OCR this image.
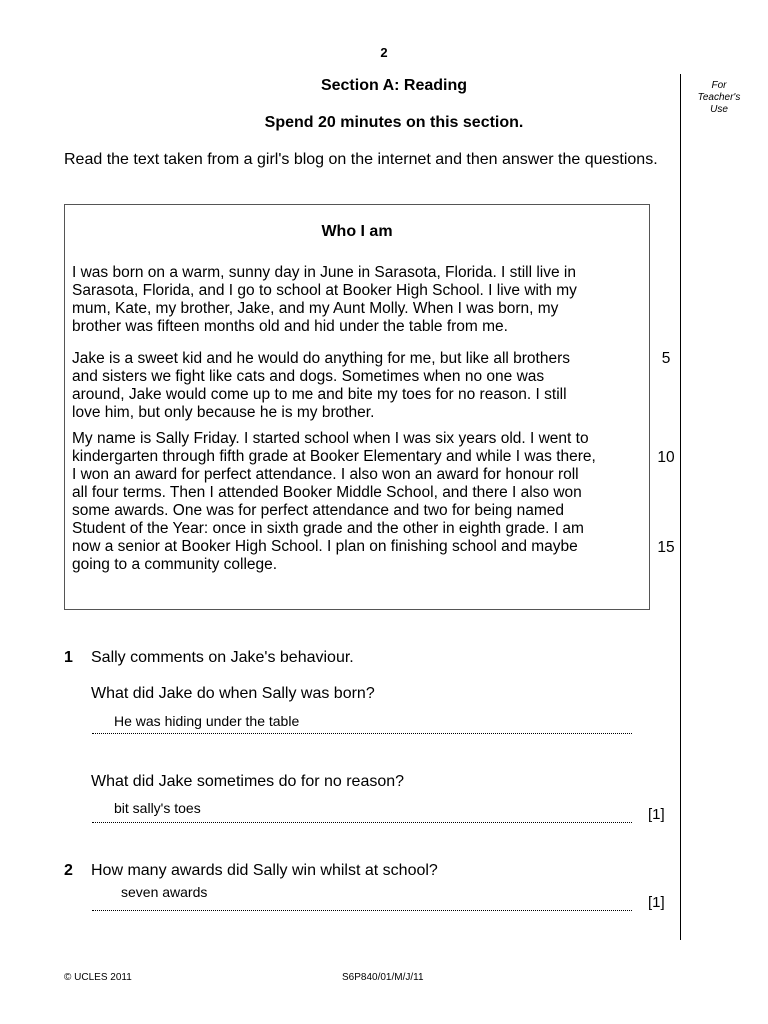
2
Section A: Reading
Spend 20 minutes on this section.
For
Teacher's
Use
Read the text taken from a girl's blog on the internet and then answer the questions.
Who I am
I was born on a warm, sunny day in June in Sarasota, Florida. I still live in
Sarasota, Florida, and I go to school at Booker High School. I live with my
mum, Kate, my brother, Jake, and my Aunt Molly. When I was born, my
brother was fifteen months old and hid under the table from me.
Jake is a sweet kid and he would do anything for me, but like all brothers
and sisters we fight like cats and dogs. Sometimes when no one was
around, Jake would come up to me and bite my toes for no reason. I still
love him, but only because he is my brother.
My name is Sally Friday. I started school when I was six years old. I went to
kindergarten through fifth grade at Booker Elementary and while I was there,
I won an award for perfect attendance. I also won an award for honour roll
all four terms. Then I attended Booker Middle School, and there I also won
some awards. One was for perfect attendance and two for being named
Student of the Year: once in sixth grade and the other in eighth grade. I am
now a senior at Booker High School. I plan on finishing school and maybe
going to a community college.
5
10
15
1 Sally comments on Jake's behaviour.
What did Jake do when Sally was born?
He was hiding under the table
What did Jake sometimes do for no reason?
bit sally's toes	[1]
2 How many awards did Sally win whilst at school?
seven awards
[1]
© UCLES 2011	S6P840/01/M/J/11
